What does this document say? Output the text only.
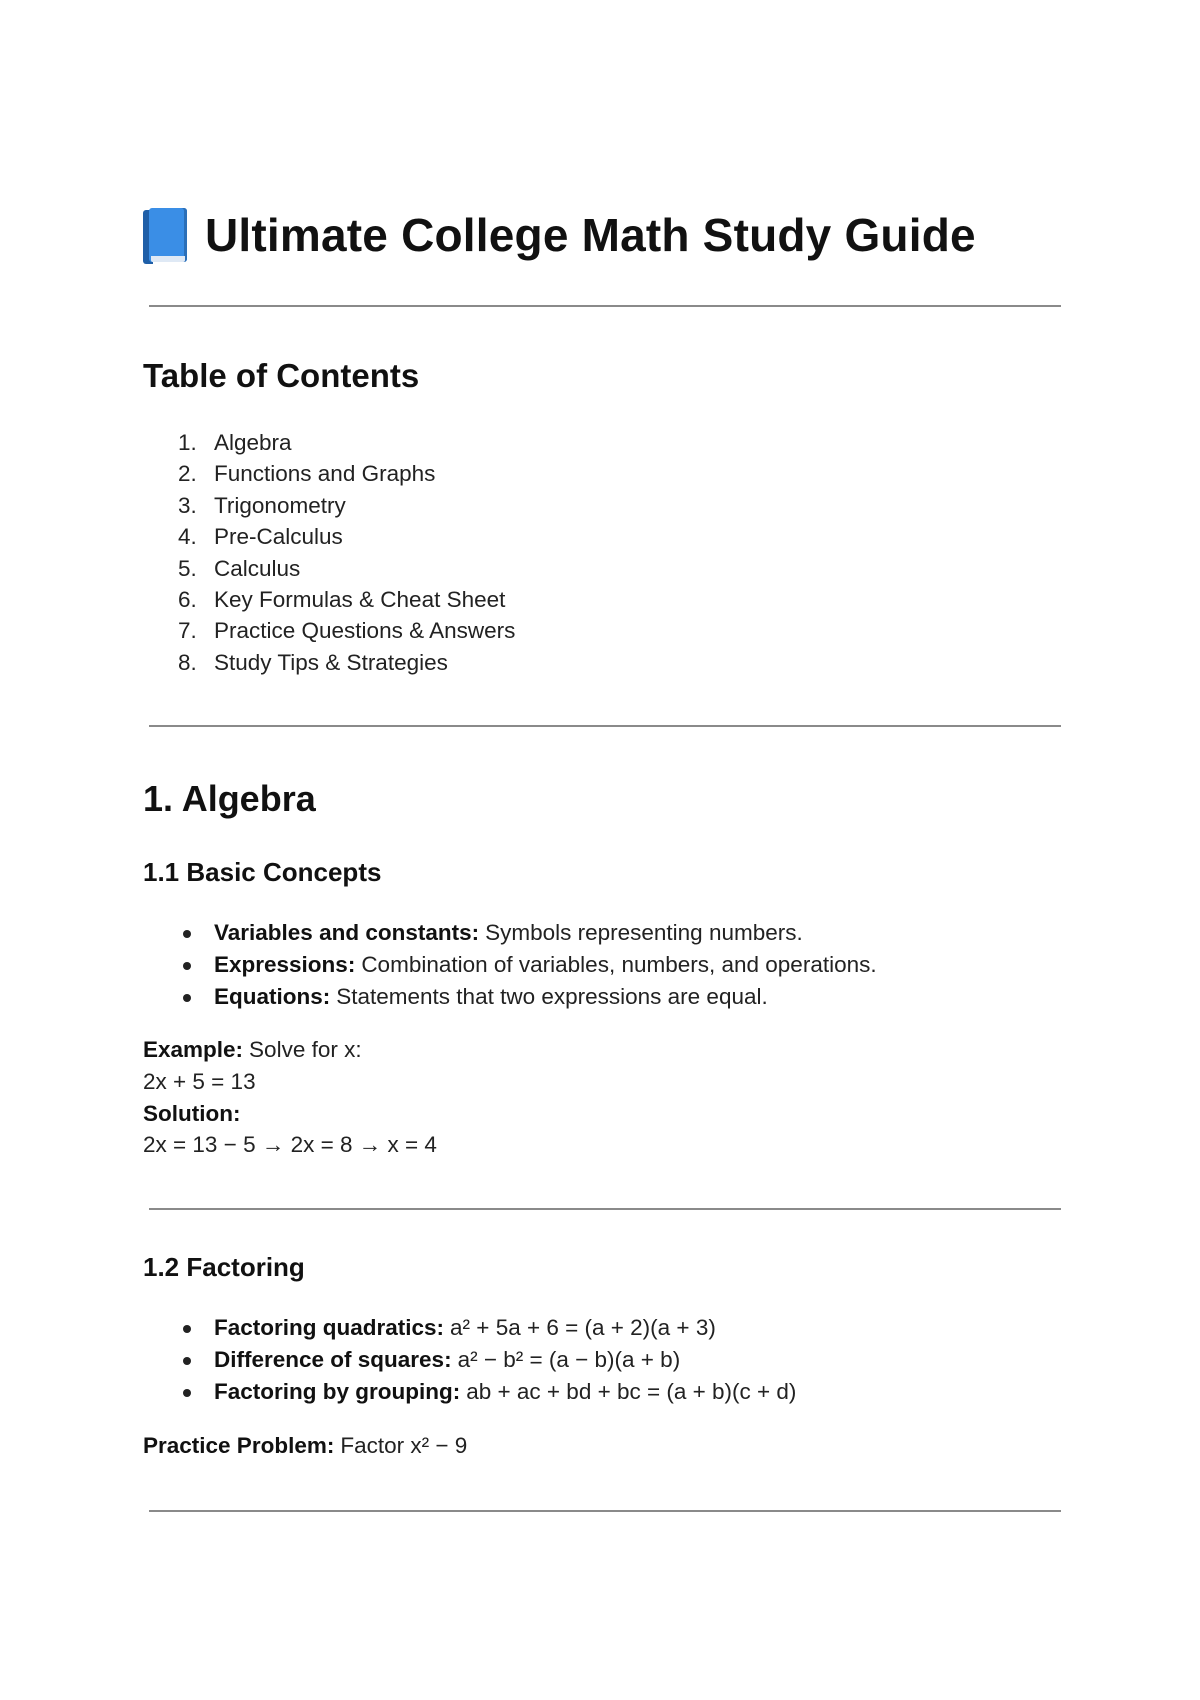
Ultimate College Math Study Guide
Table of Contents
1. Algebra
2. Functions and Graphs
3. Trigonometry
4. Pre-Calculus
5. Calculus
6. Key Formulas & Cheat Sheet
7. Practice Questions & Answers
8. Study Tips & Strategies
1. Algebra
1.1 Basic Concepts
Variables and constants: Symbols representing numbers.
Expressions: Combination of variables, numbers, and operations.
Equations: Statements that two expressions are equal.
Example: Solve for x:
2x + 5 = 13
Solution:
2x = 13 − 5 → 2x = 8 → x = 4
1.2 Factoring
Factoring quadratics: a² + 5a + 6 = (a + 2)(a + 3)
Difference of squares: a² − b² = (a − b)(a + b)
Factoring by grouping: ab + ac + bd + bc = (a + b)(c + d)
Practice Problem: Factor x² − 9
